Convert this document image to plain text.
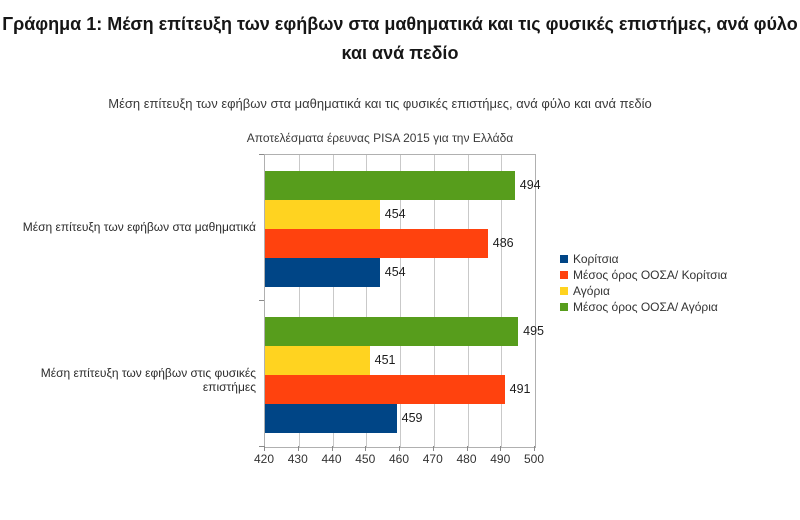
Γράφημα 1: Μέση επίτευξη των εφήβων στα μαθηματικά και τις φυσικές επιστήμες, ανά φύλο
και ανά πεδίο
Μέση επίτευξη των εφήβων στα μαθηματικά και τις φυσικές επιστήμες, ανά φύλο και ανά πεδίο
Αποτελέσματα έρευνας PISA 2015 για την Ελλάδα
494
454
486
454
495
451
491
459
Μέση επίτευξη των εφήβων στα μαθηματικά
Μέση επίτευξη των εφήβων στις φυσικές επιστήμες
420	430	440	450	460	470	480	490	500
Κορίτσια
Μέσος όρος ΟΟΣΑ/ Κορίτσια
Αγόρια
Μέσος όρος ΟΟΣΑ/ Αγόρια
